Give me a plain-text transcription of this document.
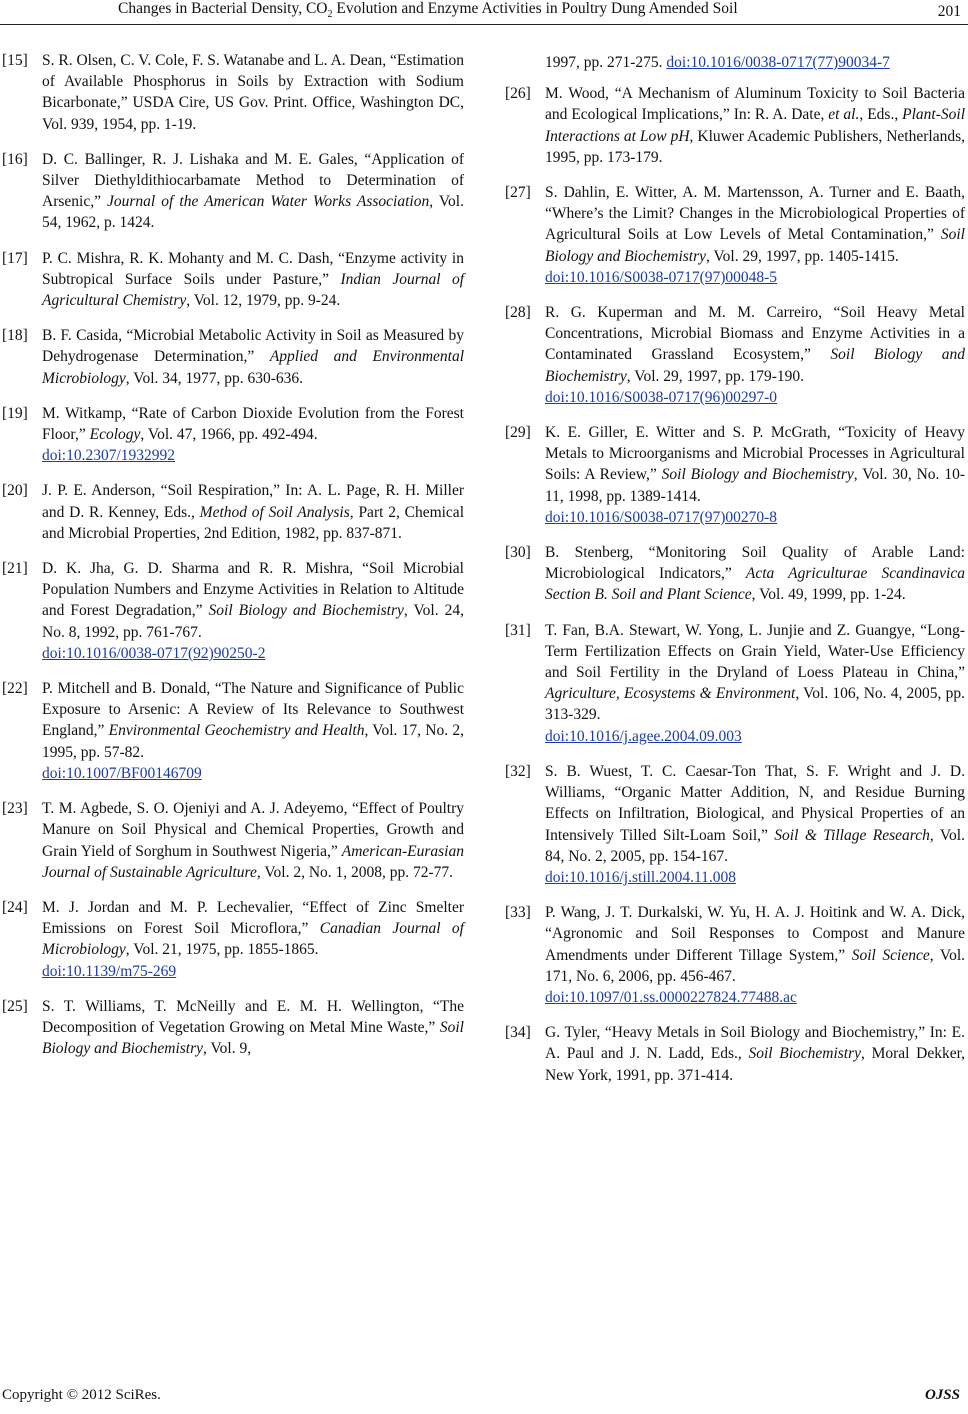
Changes in Bacterial Density, $CO_2$ Evolution and Enzyme Activities in Poultry Dung Amended Soil	201
[15] S. R. Olsen, C. V. Cole, F. S. Watanabe and L. A. Dean, “Estimation of Available Phosphorus in Soils by Extraction with Sodium Bicarbonate,” USDA Cire, US Gov. Print. Office, Washington DC, Vol. 939, 1954, pp. 1-19.
[16] D. C. Ballinger, R. J. Lishaka and M. E. Gales, “Application of Silver Diethyldithiocarbamate Method to Determination of Arsenic,” Journal of the American Water Works Association, Vol. 54, 1962, p. 1424.
[17] P. C. Mishra, R. K. Mohanty and M. C. Dash, “Enzyme activity in Subtropical Surface Soils under Pasture,” Indian Journal of Agricultural Chemistry, Vol. 12, 1979, pp. 9-24.
[18] B. F. Casida, “Microbial Metabolic Activity in Soil as Measured by Dehydrogenase Determination,” Applied and Environmental Microbiology, Vol. 34, 1977, pp. 630-636.
[19] M. Witkamp, “Rate of Carbon Dioxide Evolution from the Forest Floor,” Ecology, Vol. 47, 1966, pp. 492-494.
doi:10.2307/1932992
[20] J. P. E. Anderson, “Soil Respiration,” In: A. L. Page, R. H. Miller and D. R. Kenney, Eds., Method of Soil Analysis, Part 2, Chemical and Microbial Properties, 2nd Edition, 1982, pp. 837-871.
[21] D. K. Jha, G. D. Sharma and R. R. Mishra, “Soil Microbial Population Numbers and Enzyme Activities in Relation to Altitude and Forest Degradation,” Soil Biology and Biochemistry, Vol. 24, No. 8, 1992, pp. 761-767.
doi:10.1016/0038-0717(92)90250-2
[22] P. Mitchell and B. Donald, “The Nature and Significance of Public Exposure to Arsenic: A Review of Its Relevance to Southwest England,” Environmental Geochemistry and Health, Vol. 17, No. 2, 1995, pp. 57-82.
doi:10.1007/BF00146709
[23] T. M. Agbede, S. O. Ojeniyi and A. J. Adeyemo, “Effect of Poultry Manure on Soil Physical and Chemical Properties, Growth and Grain Yield of Sorghum in Southwest Nigeria,” American-Eurasian Journal of Sustainable Agriculture, Vol. 2, No. 1, 2008, pp. 72-77.
[24] M. J. Jordan and M. P. Lechevalier, “Effect of Zinc Smelter Emissions on Forest Soil Microflora,” Canadian Journal of Microbiology, Vol. 21, 1975, pp. 1855-1865.
doi:10.1139/m75-269
[25] S. T. Williams, T. McNeilly and E. M. H. Wellington, “The Decomposition of Vegetation Growing on Metal Mine Waste,” Soil Biology and Biochemistry, Vol. 9,
1997, pp. 271-275. doi:10.1016/0038-0717(77)90034-7
[26] M. Wood, “A Mechanism of Aluminum Toxicity to Soil Bacteria and Ecological Implications,” In: R. A. Date, et al., Eds., Plant-Soil Interactions at Low pH, Kluwer Academic Publishers, Netherlands, 1995, pp. 173-179.
[27] S. Dahlin, E. Witter, A. M. Martensson, A. Turner and E. Baath, “Where’s the Limit? Changes in the Microbiological Properties of Agricultural Soils at Low Levels of Metal Contamination,” Soil Biology and Biochemistry, Vol. 29, 1997, pp. 1405-1415.
doi:10.1016/S0038-0717(97)00048-5
[28] R. G. Kuperman and M. M. Carreiro, “Soil Heavy Metal Concentrations, Microbial Biomass and Enzyme Activities in a Contaminated Grassland Ecosystem,” Soil Biology and Biochemistry, Vol. 29, 1997, pp. 179-190.
doi:10.1016/S0038-0717(96)00297-0
[29] K. E. Giller, E. Witter and S. P. McGrath, “Toxicity of Heavy Metals to Microorganisms and Microbial Processes in Agricultural Soils: A Review,” Soil Biology and Biochemistry, Vol. 30, No. 10-11, 1998, pp. 1389-1414.
doi:10.1016/S0038-0717(97)00270-8
[30] B. Stenberg, “Monitoring Soil Quality of Arable Land: Microbiological Indicators,” Acta Agriculturae Scandinavica Section B. Soil and Plant Science, Vol. 49, 1999, pp. 1-24.
[31] T. Fan, B.A. Stewart, W. Yong, L. Junjie and Z. Guangye, “Long-Term Fertilization Effects on Grain Yield, Water-Use Efficiency and Soil Fertility in the Dryland of Loess Plateau in China,” Agriculture, Ecosystems & Environment, Vol. 106, No. 4, 2005, pp. 313-329.
doi:10.1016/j.agee.2004.09.003
[32] S. B. Wuest, T. C. Caesar-Ton That, S. F. Wright and J. D. Williams, “Organic Matter Addition, N, and Residue Burning Effects on Infiltration, Biological, and Physical Properties of an Intensively Tilled Silt-Loam Soil,” Soil & Tillage Research, Vol. 84, No. 2, 2005, pp. 154-167.
doi:10.1016/j.still.2004.11.008
[33] P. Wang, J. T. Durkalski, W. Yu, H. A. J. Hoitink and W. A. Dick, “Agronomic and Soil Responses to Compost and Manure Amendments under Different Tillage System,” Soil Science, Vol. 171, No. 6, 2006, pp. 456-467.
doi:10.1097/01.ss.0000227824.77488.ac
[34] G. Tyler, “Heavy Metals in Soil Biology and Biochemistry,” In: E. A. Paul and J. N. Ladd, Eds., Soil Biochemistry, Moral Dekker, New York, 1991, pp. 371-414.
Copyright © 2012 SciRes.	OJSS
